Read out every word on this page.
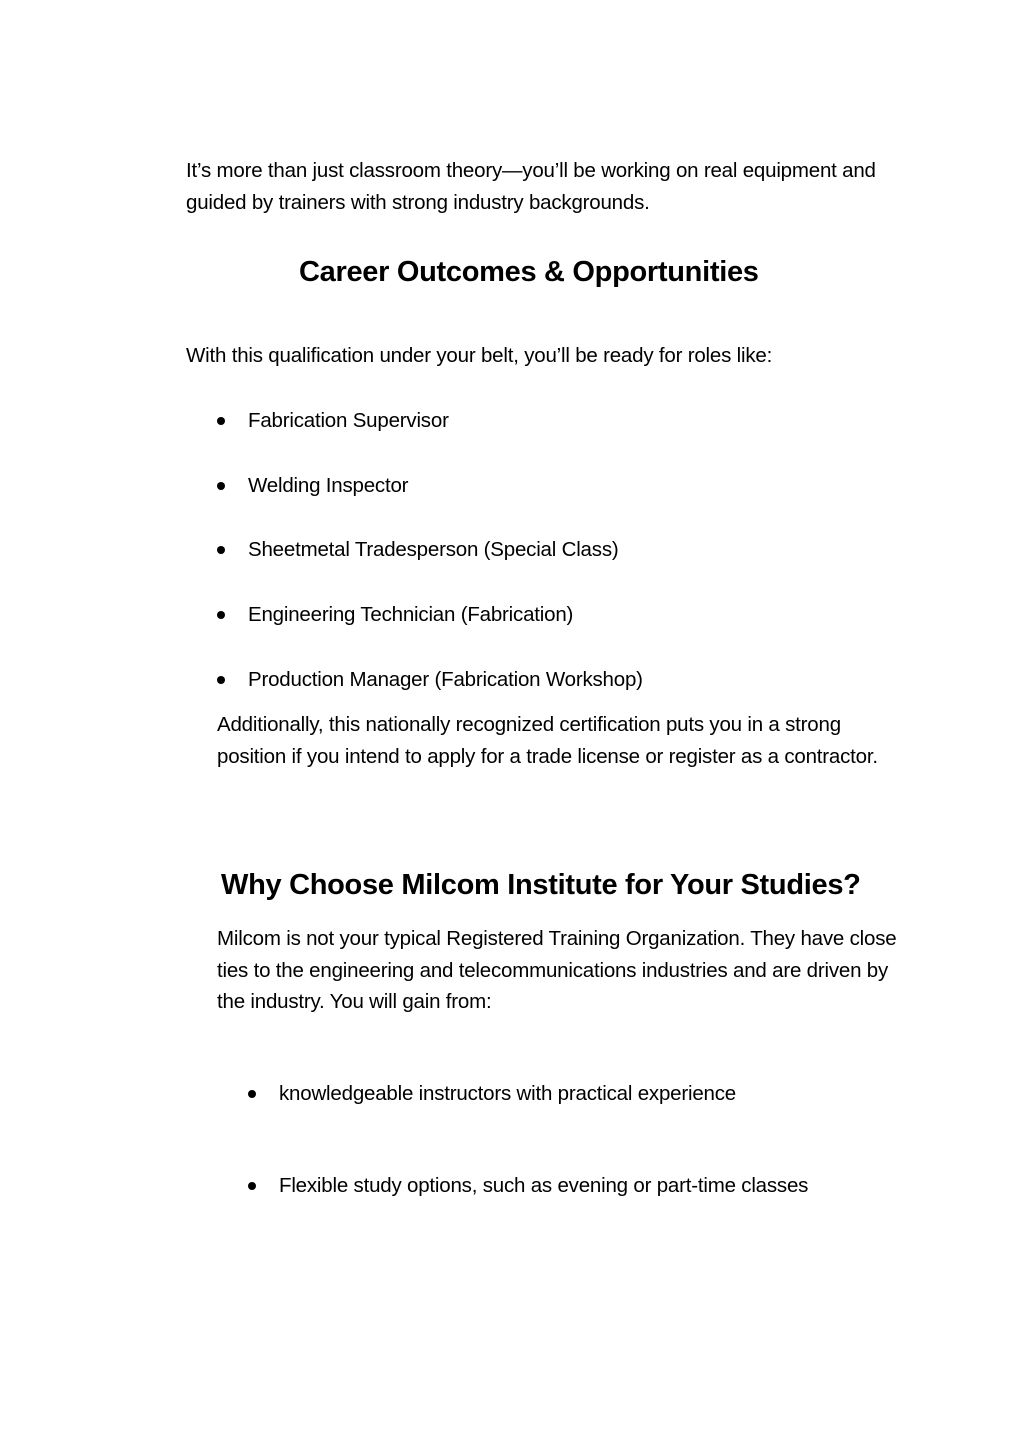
It’s more than just classroom theory—you’ll be working on real equipment and guided by trainers with strong industry backgrounds.

Career Outcomes & Opportunities

With this qualification under your belt, you’ll be ready for roles like:

Fabrication Supervisor
Welding Inspector
Sheetmetal Tradesperson (Special Class)
Engineering Technician (Fabrication)
Production Manager (Fabrication Workshop)

Additionally, this nationally recognized certification puts you in a strong position if you intend to apply for a trade license or register as a contractor.

Why Choose Milcom Institute for Your Studies?

Milcom is not your typical Registered Training Organization. They have close ties to the engineering and telecommunications industries and are driven by the industry. You will gain from:

knowledgeable instructors with practical experience
Flexible study options, such as evening or part-time classes
